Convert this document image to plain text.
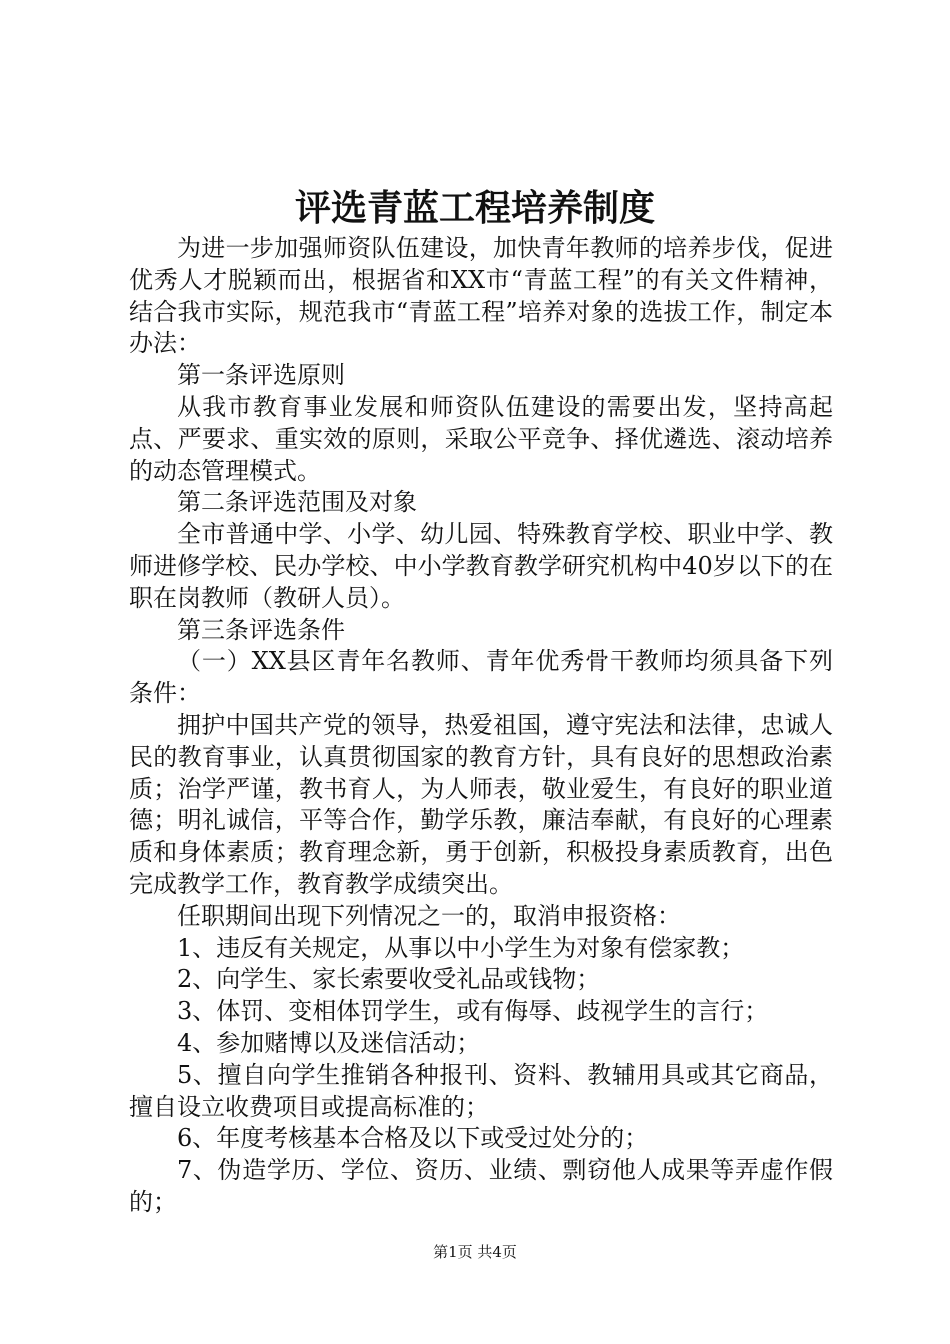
评选青蓝工程培养制度

为进一步加强师资队伍建设，加快青年教师的培养步伐，促进优秀人才脱颖而出，根据省和XX市“青蓝工程”的有关文件精神，结合我市实际，规范我市“青蓝工程”培养对象的选拔工作，制定本办法：

第一条评选原则

从我市教育事业发展和师资队伍建设的需要出发，坚持高起点、严要求、重实效的原则，采取公平竞争、择优遴选、滚动培养的动态管理模式。

第二条评选范围及对象

全市普通中学、小学、幼儿园、特殊教育学校、职业中学、教师进修学校、民办学校、中小学教育教学研究机构中40岁以下的在职在岗教师（教研人员）。

第三条评选条件

（一）XX县区青年名教师、青年优秀骨干教师均须具备下列条件：

拥护中国共产党的领导，热爱祖国，遵守宪法和法律，忠诚人民的教育事业，认真贯彻国家的教育方针，具有良好的思想政治素质；治学严谨，教书育人，为人师表，敬业爱生，有良好的职业道德；明礼诚信，平等合作，勤学乐教，廉洁奉献，有良好的心理素质和身体素质；教育理念新，勇于创新，积极投身素质教育，出色完成教学工作，教育教学成绩突出。

任职期间出现下列情况之一的，取消申报资格：

1、违反有关规定，从事以中小学生为对象有偿家教；

2、向学生、家长索要收受礼品或钱物；

3、体罚、变相体罚学生，或有侮辱、歧视学生的言行；

4、参加赌博以及迷信活动；

5、擅自向学生推销各种报刊、资料、教辅用具或其它商品，擅自设立收费项目或提高标准的；

6、年度考核基本合格及以下或受过处分的；

7、伪造学历、学位、资历、业绩、剽窃他人成果等弄虚作假的；

第1页 共4页
